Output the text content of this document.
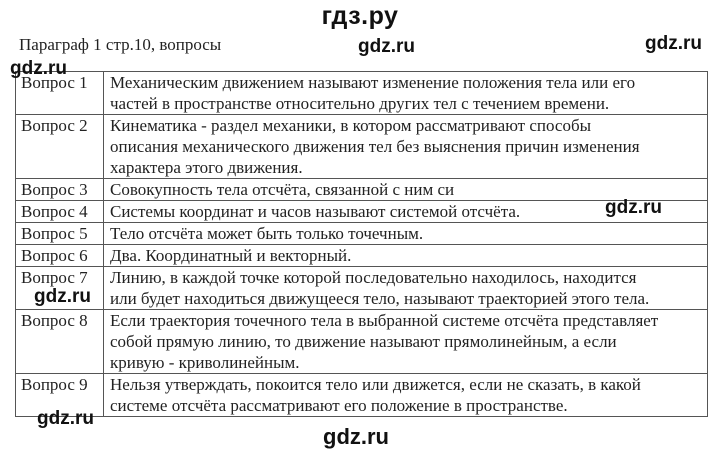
гдз.ру
Параграф 1 стр.10, вопросы	gdz.ru	gdz.ru
gdz.ru
gdz.ru
gdz.ru
gdz.ru
gdz.ru
Вопрос 1	Механическим движением называют изменение положения тела или его
частей в пространстве относительно других тел с течением времени.

Вопрос 2	Кинематика - раздел механики, в котором рассматривают способы
описания механического движения тел без выяснения причин изменения
характера этого движения.

Вопрос 3	Совокупность тела отсчёта, связанной с ним си

Вопрос 4	Системы координат и часов называют системой отсчёта.

Вопрос 5	Тело отсчёта может быть только точечным.

Вопрос 6	Два. Координатный и векторный.

Вопрос 7	Линию, в каждой точке которой последовательно находилось, находится
или будет находиться движущееся тело, называют траекторией этого тела.

Вопрос 8	Если траектория точечного тела в выбранной системе отсчёта представляет
собой прямую линию, то движение называют прямолинейным, а если
кривую - криволинейным.

Вопрос 9	Нельзя утверждать, покоится тело или движется, если не сказать, в какой
системе отсчёта рассматривают его положение в пространстве.
